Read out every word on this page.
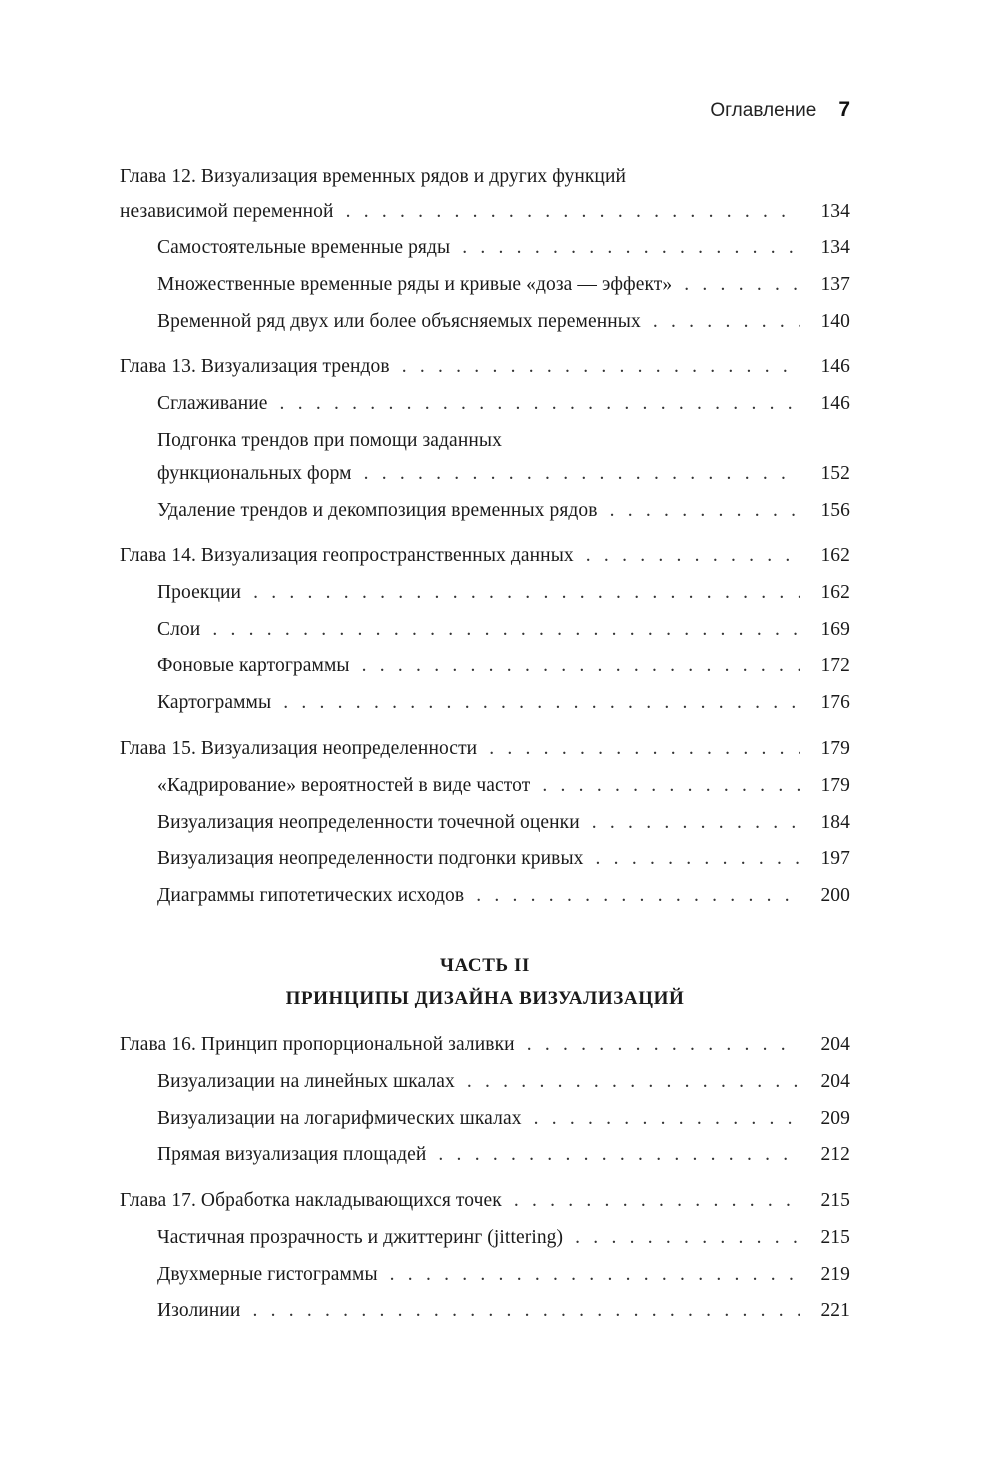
Оглавление 7
Глава 12. Визуализация временных рядов и других функций
независимой переменной . . .	134
Самостоятельные временные ряды . . .	134
Множественные временные ряды и кривые «доза — эффект» . . .	137
Временной ряд двух или более объясняемых переменных . . .	140
Глава 13. Визуализация трендов . . .	146
Сглаживание . . .	146
Подгонка трендов при помощи заданных
функциональных форм . . .	152
Удаление трендов и декомпозиция временных рядов . . .	156
Глава 14. Визуализация геопространственных данных . . .	162
Проекции . . .	162
Слои . . .	169
Фоновые картограммы . . .	172
Картограммы . . .	176
Глава 15. Визуализация неопределенности . . .	179
«Кадрирование» вероятностей в виде частот . . .	179
Визуализация неопределенности точечной оценки . . .	184
Визуализация неопределенности подгонки кривых . . .	197
Диаграммы гипотетических исходов . . .	200
ЧАСТЬ II
ПРИНЦИПЫ ДИЗАЙНА ВИЗУАЛИЗАЦИЙ
Глава 16. Принцип пропорциональной заливки . . .	204
Визуализации на линейных шкалах . . .	204
Визуализации на логарифмических шкалах . . .	209
Прямая визуализация площадей . . .	212
Глава 17. Обработка накладывающихся точек . . .	215
Частичная прозрачность и джиттеринг (jittering) . . .	215
Двухмерные гистограммы . . .	219
Изолинии . . .	221
